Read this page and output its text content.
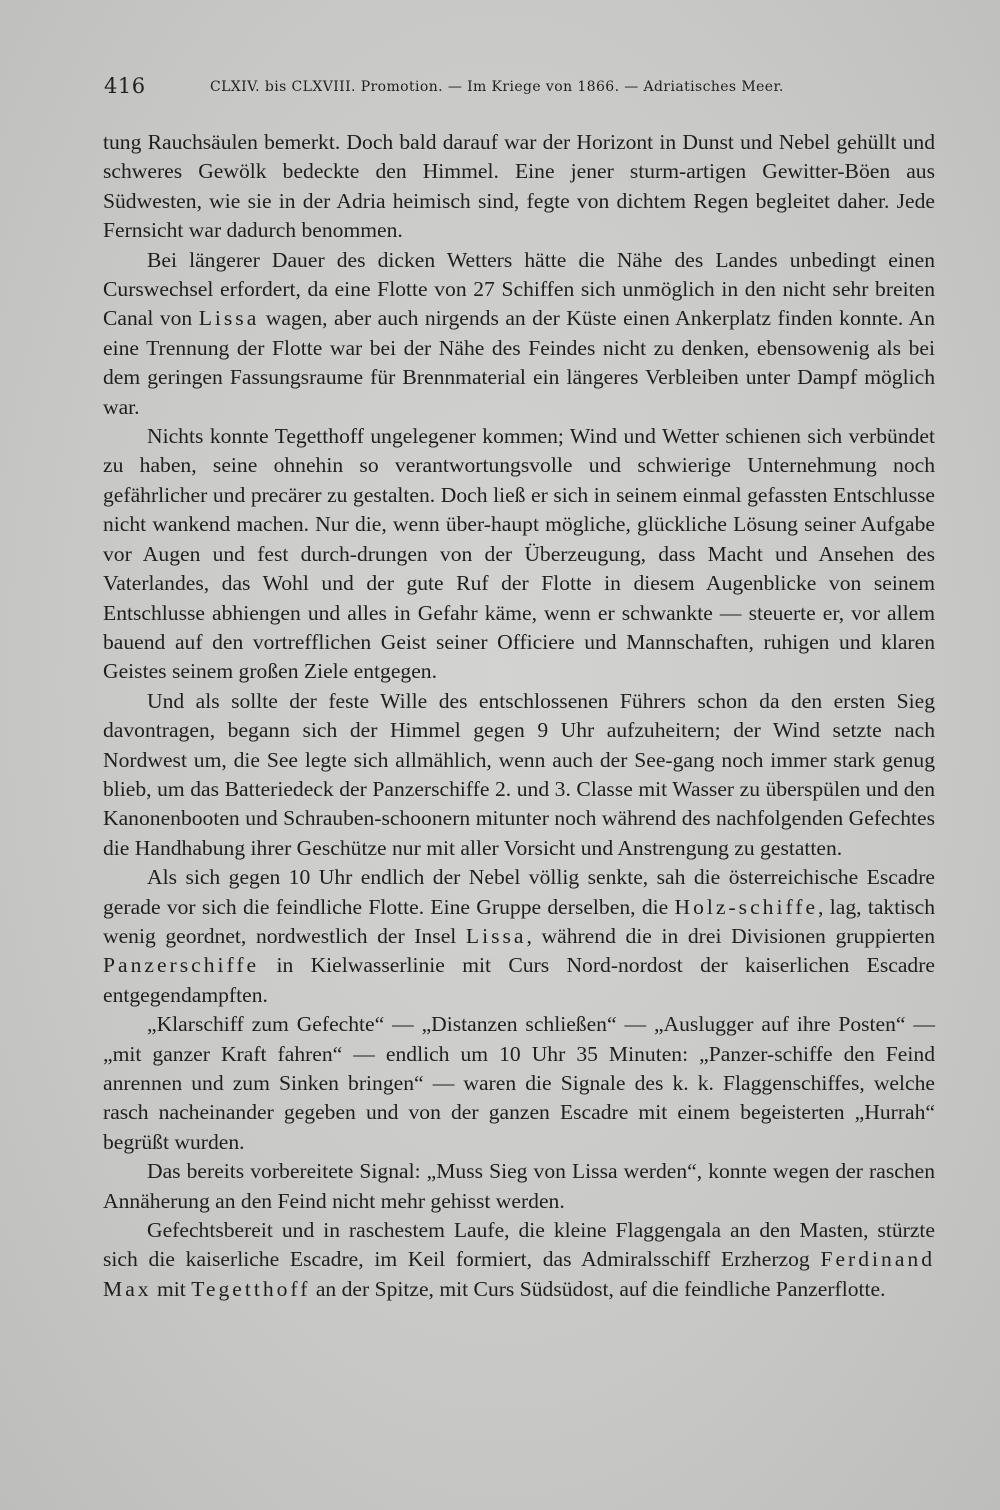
416	CLXIV. bis CLXVIII. Promotion. — Im Kriege von 1866. — Adriatisches Meer.

tung Rauchsäulen bemerkt. Doch bald darauf war der Horizont in Dunst und Nebel gehüllt und schweres Gewölk bedeckte den Himmel. Eine jener sturm-artigen Gewitter-Böen aus Südwesten, wie sie in der Adria heimisch sind, fegte von dichtem Regen begleitet daher. Jede Fernsicht war dadurch benommen.

Bei längerer Dauer des dicken Wetters hätte die Nähe des Landes unbedingt einen Curswechsel erfordert, da eine Flotte von 27 Schiffen sich unmöglich in den nicht sehr breiten Canal von Lissa wagen, aber auch nirgends an der Küste einen Ankerplatz finden konnte. An eine Trennung der Flotte war bei der Nähe des Feindes nicht zu denken, ebensowenig als bei dem geringen Fassungsraume für Brennmaterial ein längeres Verbleiben unter Dampf möglich war.

Nichts konnte Tegetthoff ungelegener kommen; Wind und Wetter schienen sich verbündet zu haben, seine ohnehin so verantwortungsvolle und schwierige Unternehmung noch gefährlicher und precärer zu gestalten. Doch ließ er sich in seinem einmal gefassten Entschlusse nicht wankend machen. Nur die, wenn über-haupt mögliche, glückliche Lösung seiner Aufgabe vor Augen und fest durch-drungen von der Überzeugung, dass Macht und Ansehen des Vaterlandes, das Wohl und der gute Ruf der Flotte in diesem Augenblicke von seinem Entschlusse abhiengen und alles in Gefahr käme, wenn er schwankte — steuerte er, vor allem bauend auf den vortrefflichen Geist seiner Officiere und Mannschaften, ruhigen und klaren Geistes seinem großen Ziele entgegen.

Und als sollte der feste Wille des entschlossenen Führers schon da den ersten Sieg davontragen, begann sich der Himmel gegen 9 Uhr aufzuheitern; der Wind setzte nach Nordwest um, die See legte sich allmählich, wenn auch der See-gang noch immer stark genug blieb, um das Batteriedeck der Panzerschiffe 2. und 3. Classe mit Wasser zu überspülen und den Kanonenbooten und Schrauben-schoonern mitunter noch während des nachfolgenden Gefechtes die Handhabung ihrer Geschütze nur mit aller Vorsicht und Anstrengung zu gestatten.

Als sich gegen 10 Uhr endlich der Nebel völlig senkte, sah die österreichische Escadre gerade vor sich die feindliche Flotte. Eine Gruppe derselben, die Holz-schiffe, lag, taktisch wenig geordnet, nordwestlich der Insel Lissa, während die in drei Divisionen gruppierten Panzerschiffe in Kielwasserlinie mit Curs Nord-nordost der kaiserlichen Escadre entgegendampften.

„Klarschiff zum Gefechte“ — „Distanzen schließen“ — „Auslugger auf ihre Posten“ — „mit ganzer Kraft fahren“ — endlich um 10 Uhr 35 Minuten: „Panzer-schiffe den Feind anrennen und zum Sinken bringen“ — waren die Signale des k. k. Flaggenschiffes, welche rasch nacheinander gegeben und von der ganzen Escadre mit einem begeisterten „Hurrah“ begrüßt wurden.

Das bereits vorbereitete Signal: „Muss Sieg von Lissa werden“, konnte wegen der raschen Annäherung an den Feind nicht mehr gehisst werden.

Gefechtsbereit und in raschestem Laufe, die kleine Flaggengala an den Masten, stürzte sich die kaiserliche Escadre, im Keil formiert, das Admiralsschiff Erzherzog Ferdinand Max mit Tegetthoff an der Spitze, mit Curs Südsüdost, auf die feindliche Panzerflotte.
